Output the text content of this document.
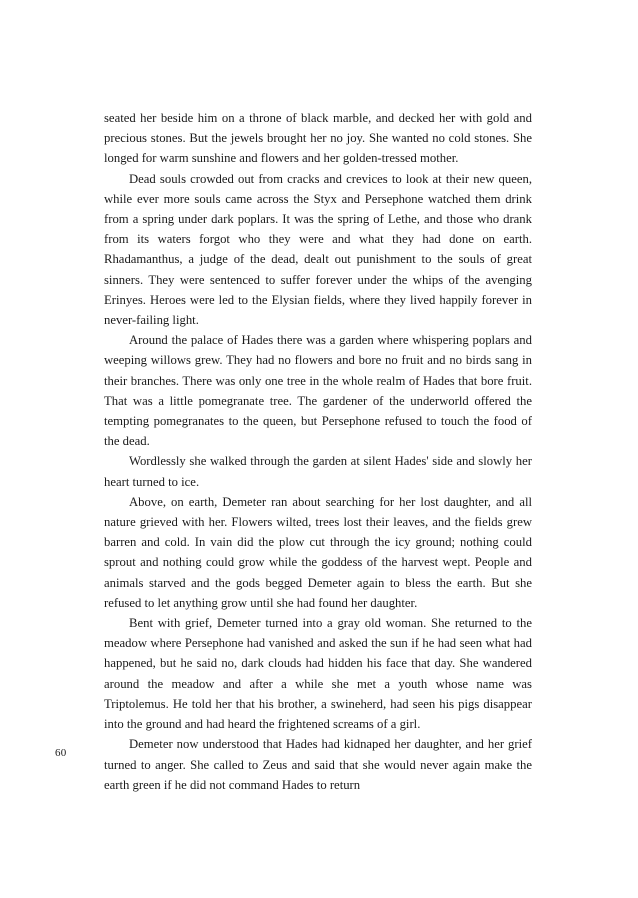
seated her beside him on a throne of black marble, and decked her with gold and precious stones. But the jewels brought her no joy. She wanted no cold stones. She longed for warm sunshine and flowers and her golden-tressed mother.

Dead souls crowded out from cracks and crevices to look at their new queen, while ever more souls came across the Styx and Persephone watched them drink from a spring under dark poplars. It was the spring of Lethe, and those who drank from its waters forgot who they were and what they had done on earth. Rhadamanthus, a judge of the dead, dealt out punishment to the souls of great sinners. They were sentenced to suffer forever under the whips of the avenging Erinyes. Heroes were led to the Elysian fields, where they lived happily forever in never-failing light.

Around the palace of Hades there was a garden where whispering poplars and weeping willows grew. They had no flowers and bore no fruit and no birds sang in their branches. There was only one tree in the whole realm of Hades that bore fruit. That was a little pomegranate tree. The gardener of the underworld offered the tempting pomegranates to the queen, but Persephone refused to touch the food of the dead.

Wordlessly she walked through the garden at silent Hades' side and slowly her heart turned to ice.

Above, on earth, Demeter ran about searching for her lost daughter, and all nature grieved with her. Flowers wilted, trees lost their leaves, and the fields grew barren and cold. In vain did the plow cut through the icy ground; nothing could sprout and nothing could grow while the goddess of the harvest wept. People and animals starved and the gods begged Demeter again to bless the earth. But she refused to let anything grow until she had found her daughter.

Bent with grief, Demeter turned into a gray old woman. She returned to the meadow where Persephone had vanished and asked the sun if he had seen what had happened, but he said no, dark clouds had hidden his face that day. She wandered around the meadow and after a while she met a youth whose name was Triptolemus. He told her that his brother, a swineherd, had seen his pigs disappear into the ground and had heard the frightened screams of a girl.

Demeter now understood that Hades had kidnaped her daughter, and her grief turned to anger. She called to Zeus and said that she would never again make the earth green if he did not command Hades to return

60
